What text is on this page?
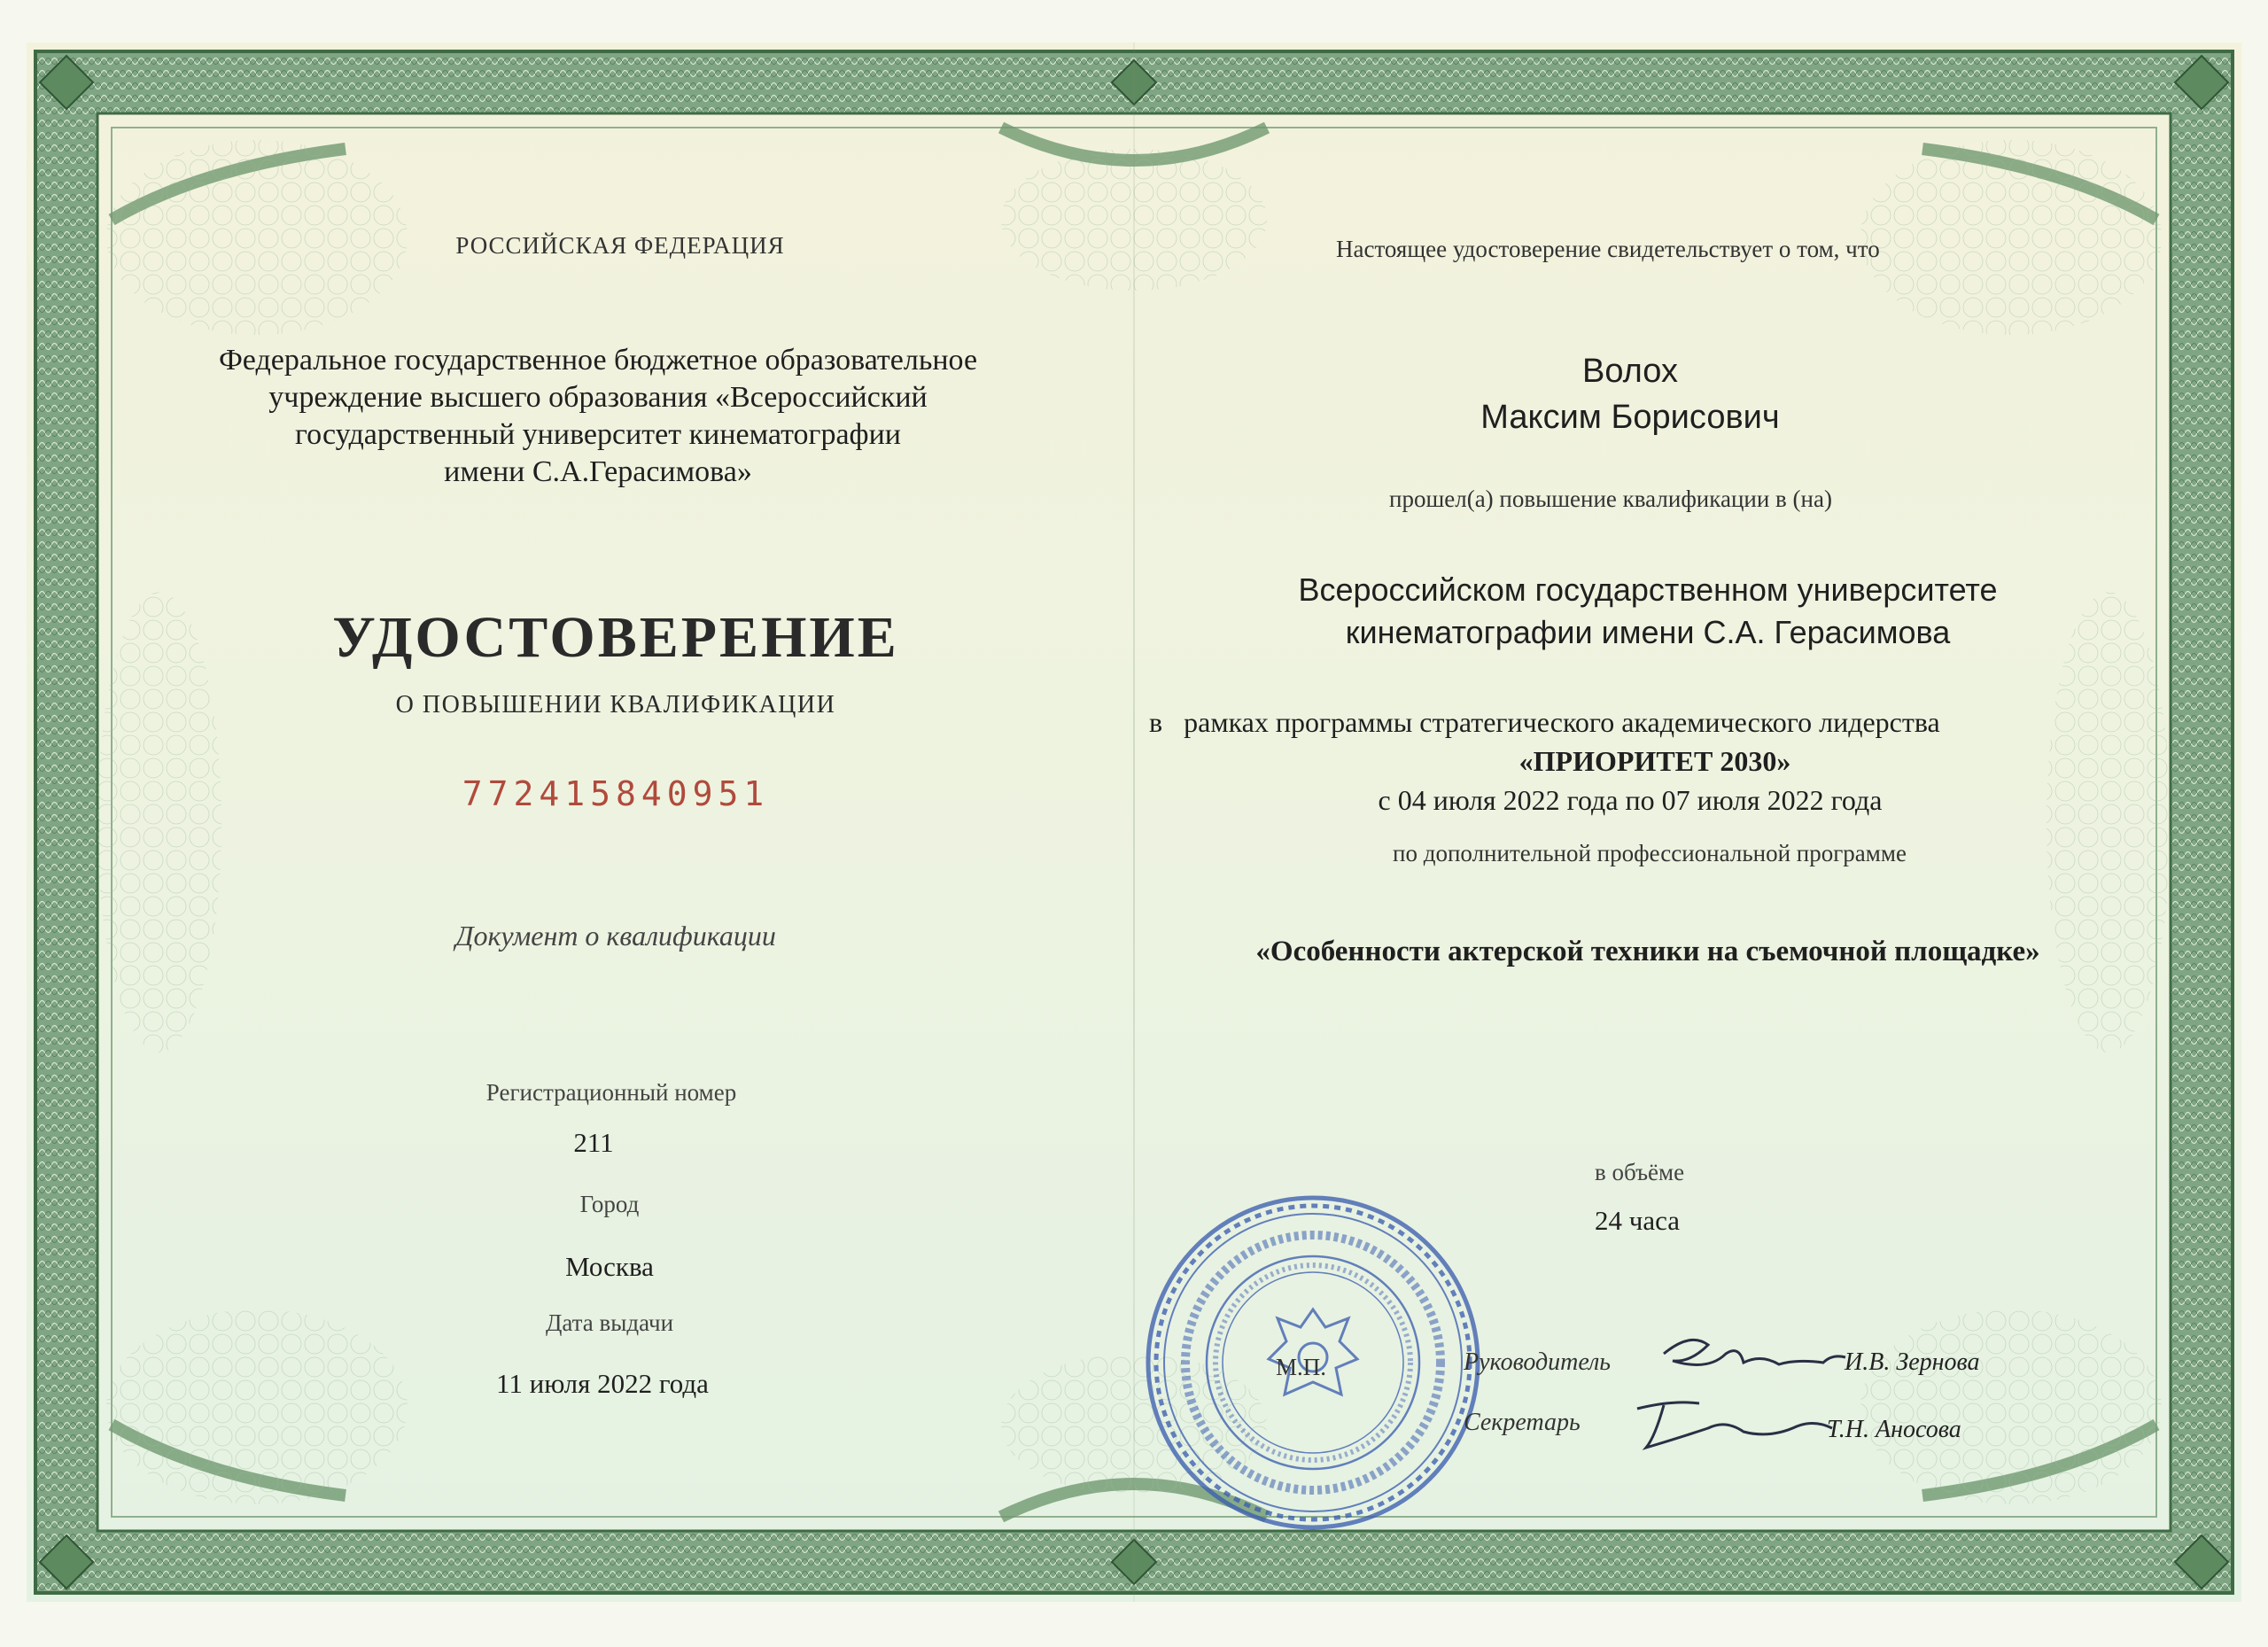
РОССИЙСКАЯ ФЕДЕРАЦИЯ
Федеральное государственное бюджетное образовательное
учреждение высшего образования «Всероссийский
государственный университет кинематографии
имени С.А.Герасимова»
УДОСТОВЕРЕНИЕ
О ПОВЫШЕНИИ КВАЛИФИКАЦИИ
772415840951
Документ о квалификации
Регистрационный номер
211
Город
Москва
Дата выдачи
11 июля 2022 года
Настоящее удостоверение свидетельствует о том, что
Волох
Максим Борисович
прошел(а) повышение квалификации в (на)
Всероссийском государственном университете
кинематографии имени С.А. Герасимова
в рамках программы стратегического академического лидерства
«ПРИОРИТЕТ 2030»
с 04 июля 2022 года по 07 июля 2022 года
по дополнительной профессиональной программе
«Особенности актерской техники на съемочной площадке»
в объёме
24 часа
М.П.	Руководитель	И.В. Зернова
Секретарь	Т.Н. Аносова
